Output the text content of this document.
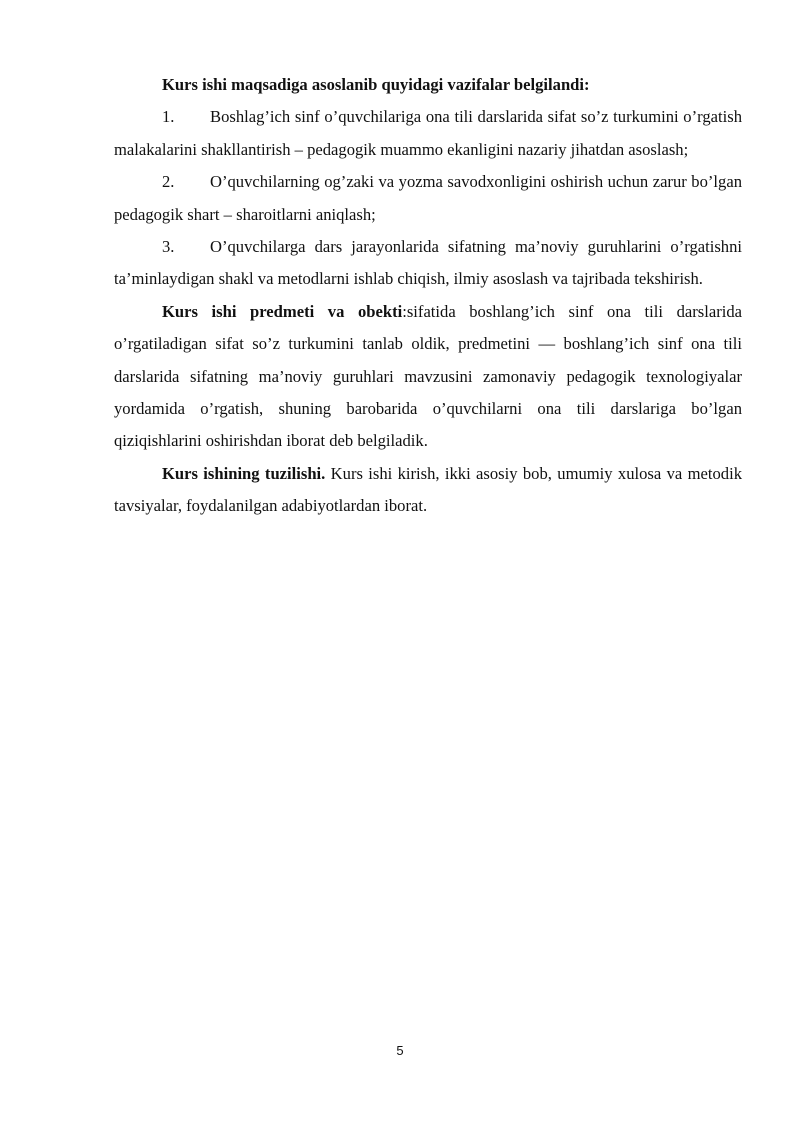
Kurs ishi maqsadiga asoslanib quyidagi vazifalar belgilandi:

1. Boshlag’ich sinf o’quvchilariga ona tili darslarida sifat so’z turkumini o’rgatish malakalarini shakllantirish – pedagogik muammo ekanligini nazariy jihatdan asoslash;

2. O’quvchilarning og’zaki va yozma savodxonligini oshirish uchun zarur bo’lgan pedagogik shart – sharoitlarni aniqlash;

3. O’quvchilarga dars jarayonlarida sifatning ma’noviy guruhlarini o’rgatishni ta’minlaydigan shakl va metodlarni ishlab chiqish, ilmiy asoslash va tajribada tekshirish.

Kurs ishi predmeti va obekti:sifatida boshlang’ich sinf ona tili darslarida o’rgatiladigan sifat so’z turkumini tanlab oldik, predmetini — boshlang’ich sinf ona tili darslarida sifatning ma’noviy guruhlari mavzusini zamonaviy pedagogik texnologiyalar yordamida o’rgatish, shuning barobarida o’quvchilarni ona tili darslariga bo’lgan qiziqishlarini oshirishdan iborat deb belgiladik.

Kurs ishining tuzilishi. Kurs ishi kirish, ikki asosiy bob, umumiy xulosa va metodik tavsiyalar, foydalanilgan adabiyotlardan iborat.

5
